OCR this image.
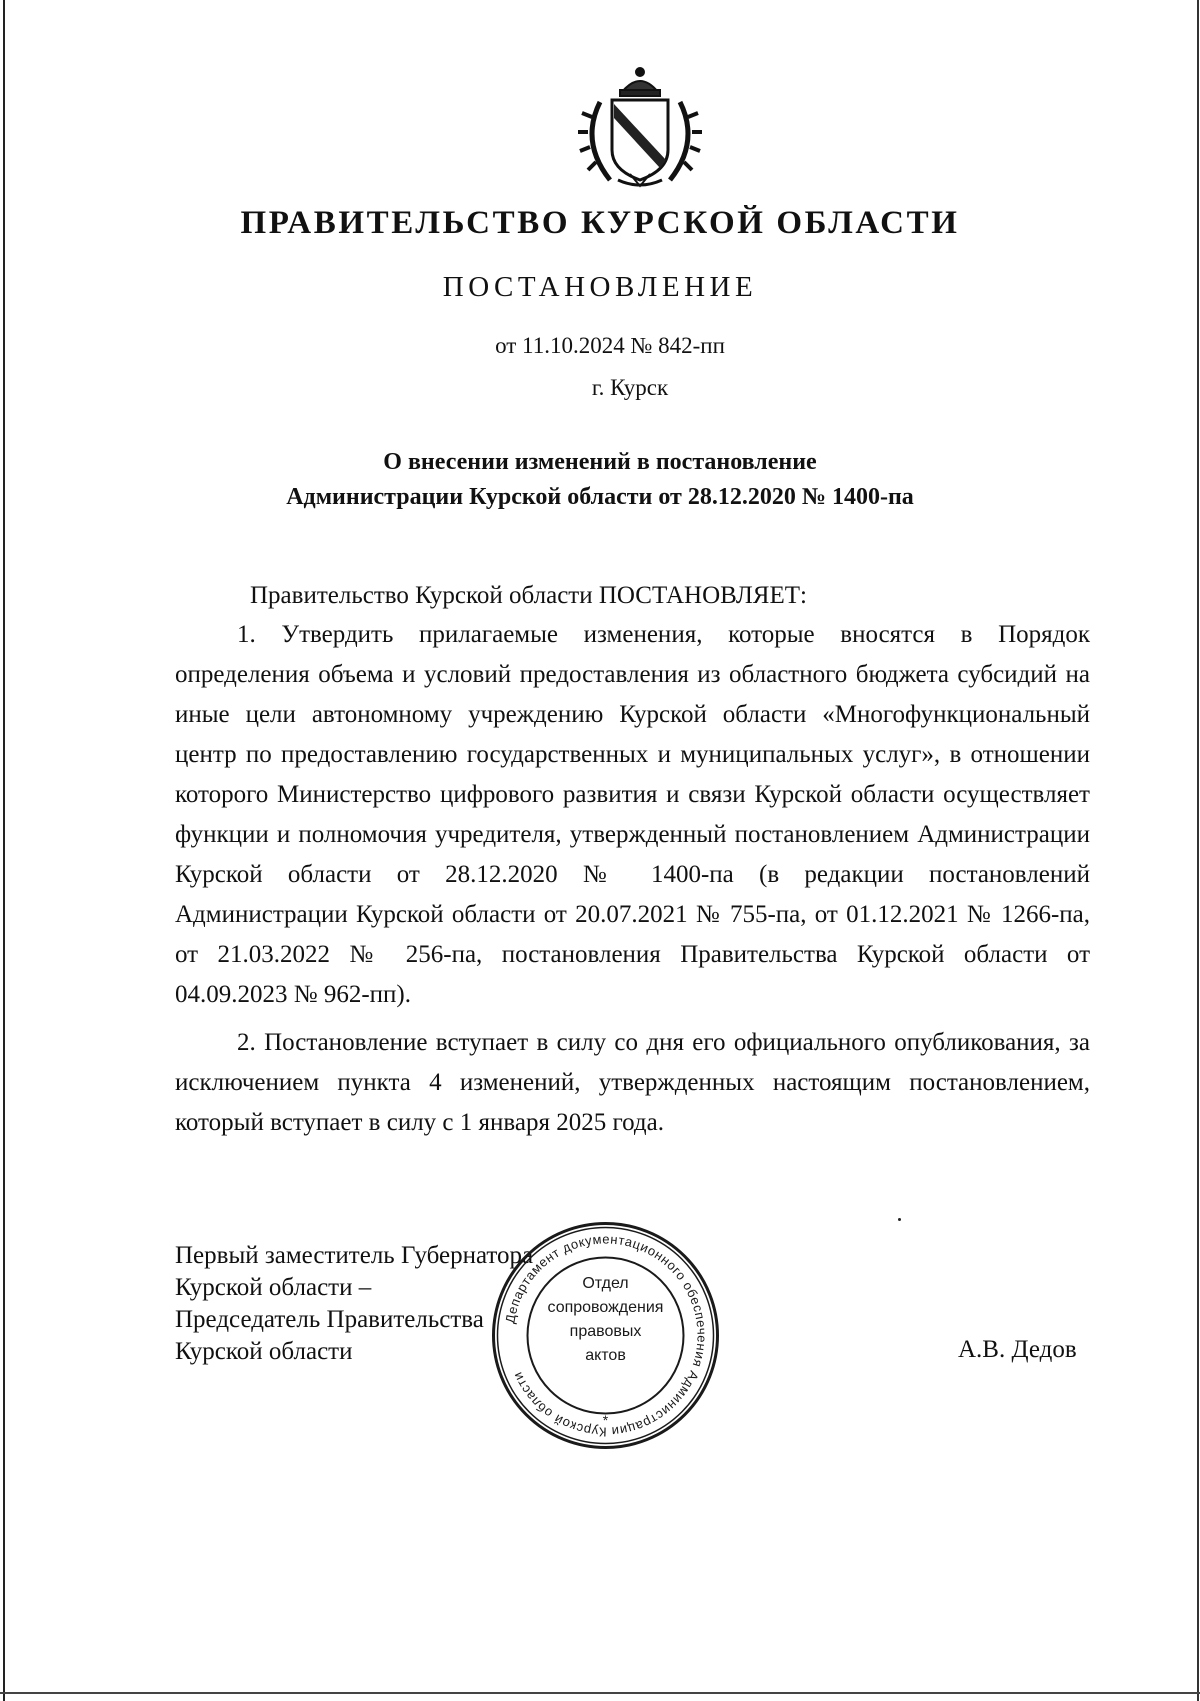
ПРАВИТЕЛЬСТВО КУРСКОЙ ОБЛАСТИ
ПОСТАНОВЛЕНИЕ
от 11.10.2024 № 842-пп
г. Курск
О внесении изменений в постановление
Администрации Курской области от 28.12.2020 № 1400-па
Правительство Курской области ПОСТАНОВЛЯЕТ:
1. Утвердить прилагаемые изменения, которые вносятся в Порядок определения объема и условий предоставления из областного бюджета субсидий на иные цели автономному учреждению Курской области «Многофункциональный центр по предоставлению государственных и муниципальных услуг», в отношении которого Министерство цифрового развития и связи Курской области осуществляет функции и полномочия учредителя, утвержденный постановлением Администрации Курской области от 28.12.2020 № 1400-па (в редакции постановлений Администрации Курской области от 20.07.2021 № 755-па, от 01.12.2021 № 1266-па, от 21.03.2022 № 256-па, постановления Правительства Курской области от 04.09.2023 № 962-пп).
2. Постановление вступает в силу со дня его официального опубликования, за исключением пункта 4 изменений, утвержденных настоящим постановлением, который вступает в силу с 1 января 2025 года.
Первый заместитель Губернатора
Курской области –
Председатель Правительства
Курской области	А.В. Дедов
Департамент документационного обеспечения Администрации Курской области
*
Отдел
сопровождения
правовых
актов
